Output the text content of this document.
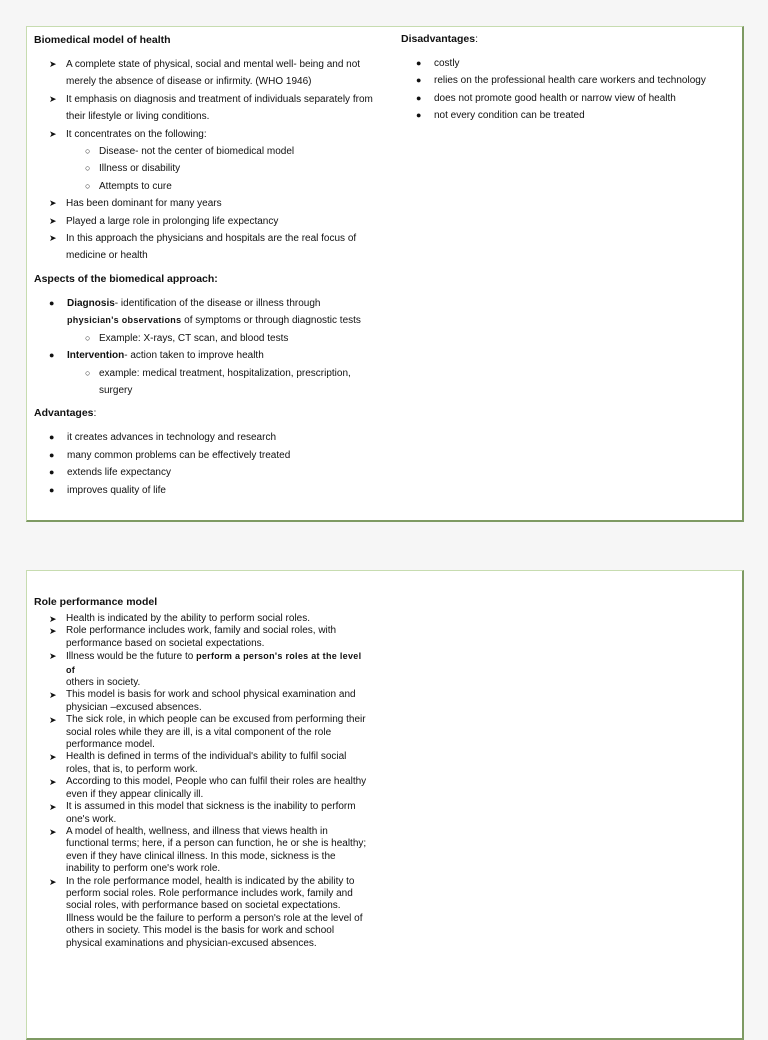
Biomedical model of health

➤ A complete state of physical, social and mental well- being and not merely the absence of disease or infirmity. (WHO 1946)
➤ It emphasis on diagnosis and treatment of individuals separately from their lifestyle or living conditions.
➤ It concentrates on the following:
○ Disease- not the center of biomedical model
○ Illness or disability
○ Attempts to cure
➤ Has been dominant for many years
➤ Played a large role in prolonging life expectancy
➤ In this approach the physicians and hospitals are the real focus of medicine or health

Aspects of the biomedical approach:

● Diagnosis- identification of the disease or illness through
physician's observations of symptoms or through diagnostic tests
○ Example: X-rays, CT scan, and blood tests
● Intervention- action taken to improve health
○ example: medical treatment, hospitalization, prescription, surgery

Advantages:

● it creates advances in technology and research
● many common problems can be effectively treated
● extends life expectancy
● improves quality of life

Disadvantages:

● costly
● relies on the professional health care workers and technology
● does not promote good health or narrow view of health
● not every condition can be treated

Role performance model

➤ Health is indicated by the ability to perform social roles.
➤ Role performance includes work, family and social roles, with performance based on societal expectations.
➤ Illness would be the future to perform a person's roles at the level of
others in society.
➤ This model is basis for work and school physical examination and physician –excused absences.
➤ The sick role, in which people can be excused from performing their social roles while they are ill, is a vital component of the role performance model.
➤ Health is defined in terms of the individual's ability to fulfil social roles, that is, to perform work.
➤ According to this model, People who can fulfil their roles are healthy even if they appear clinically ill.
➤ It is assumed in this model that sickness is the inability to perform one's work.
➤ A model of health, wellness, and illness that views health in functional terms; here, if a person can function, he or she is healthy; even if they have clinical illness. In this mode, sickness is the inability to perform one's work role.
➤ In the role performance model, health is indicated by the ability to perform social roles. Role performance includes work, family and social roles, with performance based on societal expectations. Illness would be the failure to perform a person's role at the level of others in society. This model is the basis for work and school physical examinations and physician-excused absences.
